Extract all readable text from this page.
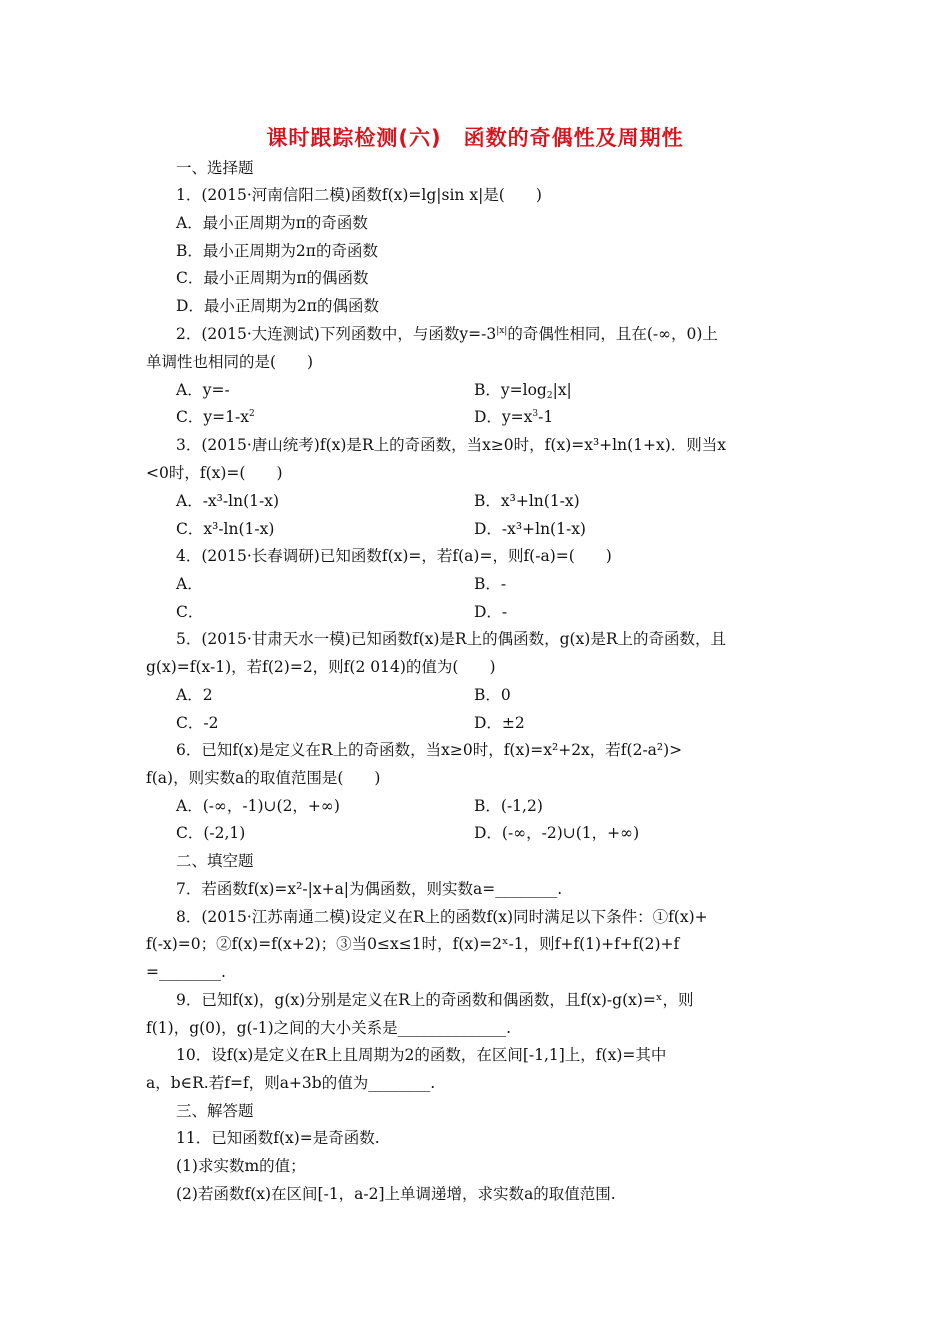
课时跟踪检测(六)　函数的奇偶性及周期性
一、选择题
1．(2015·河南信阳二模)函数f(x)=lg|sin x|是(　　)
A．最小正周期为π的奇函数
B．最小正周期为2π的奇函数
C．最小正周期为π的偶函数
D．最小正周期为2π的偶函数
2．(2015·大连测试)下列函数中，与函数$y=-3^{|x|}$的奇偶性相同，且在(-∞，0)上
单调性也相同的是(　　)
A．y=-	B．$y=\log_2|x|$
C．$y=1-x^2$	D．$y=x^3-1$
3．(2015·唐山统考)f(x)是R上的奇函数，当x≥0时，f(x)=x³+ln(1+x)．则当x
<0时，f(x)=(　　)
A．-x³-ln(1-x)	B．x³+ln(1-x)
C．x³-ln(1-x)	D．-x³+ln(1-x)
4．(2015·长春调研)已知函数f(x)=，若f(a)=，则f(-a)=(　　)
A．	B．-
C．	D．-
5．(2015·甘肃天水一模)已知函数f(x)是R上的偶函数，g(x)是R上的奇函数，且
g(x)=f(x-1)，若f(2)=2，则f(2 014)的值为(　　)
A．2	B．0
C．-2	D．±2
6．已知f(x)是定义在R上的奇函数，当x≥0时，f(x)=x²+2x，若f(2-a²)>
f(a)，则实数a的取值范围是(　　)
A．(-∞，-1)∪(2，+∞)	B．(-1,2)
C．(-2,1)	D．(-∞，-2)∪(1，+∞)
二、填空题
7．若函数f(x)=x²-|x+a|为偶函数，则实数a=________.
8．(2015·江苏南通二模)设定义在R上的函数f(x)同时满足以下条件：①f(x)+
f(-x)=0；②f(x)=f(x+2)；③当0≤x≤1时，f(x)=2ˣ-1，则f+f(1)+f+f(2)+f
=________.
9．已知f(x)，g(x)分别是定义在R上的奇函数和偶函数，且f(x)-g(x)=ˣ，则
f(1)，g(0)，g(-1)之间的大小关系是______________.
10．设f(x)是定义在R上且周期为2的函数，在区间[-1,1]上，f(x)=其中
a，b∈R.若f=f，则a+3b的值为________.
三、解答题
11．已知函数f(x)=是奇函数.
(1)求实数m的值；
(2)若函数f(x)在区间[-1，a-2]上单调递增，求实数a的取值范围.
